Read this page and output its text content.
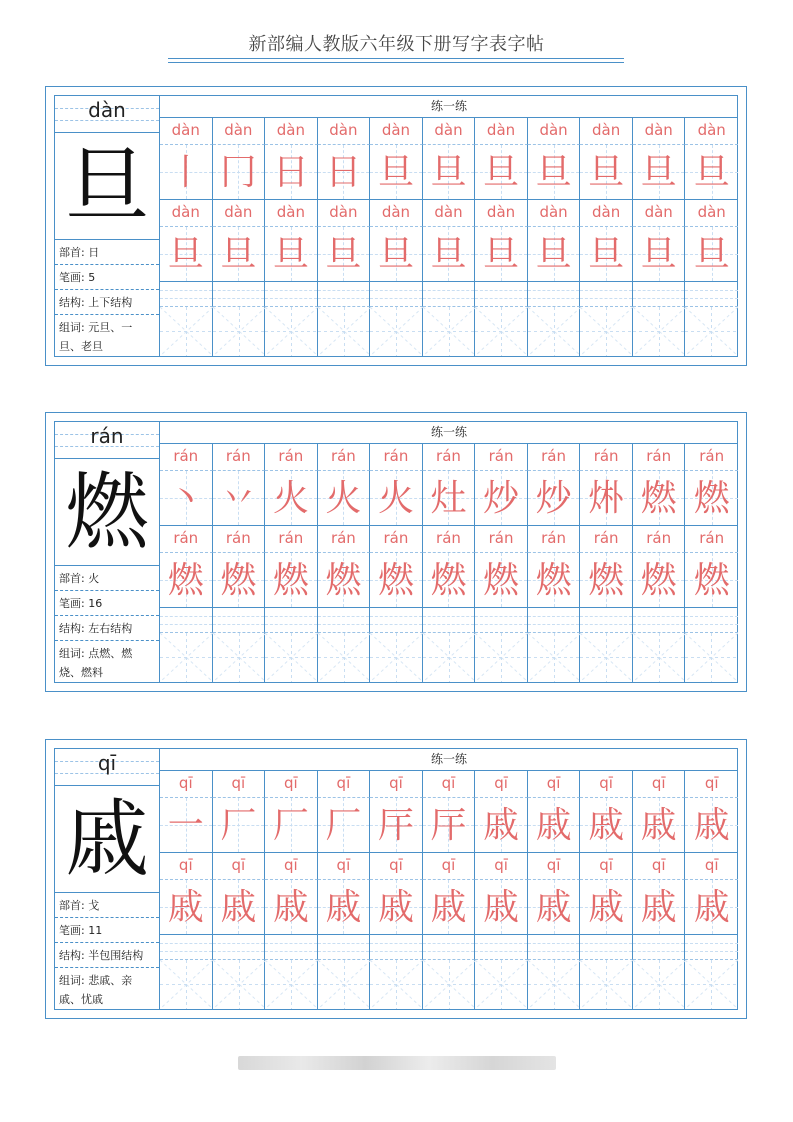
新部编人教版六年级下册写字表字帖
dàn
旦
部首: 日
笔画: 5
结构: 上下结构
组词: 元旦、一
旦、老旦
练一练
dàn
丨
dàn
冂
dàn
日
dàn
日
dàn
旦
dàn
旦
dàn
旦
dàn
旦
dàn
旦
dàn
旦
dàn
旦
dàn
旦
dàn
旦
dàn
旦
dàn
旦
dàn
旦
dàn
旦
dàn
旦
dàn
旦
dàn
旦
dàn
旦
dàn
旦
rán
燃
部首: 火
笔画: 16
结构: 左右结构
组词: 点燃、燃
烧、燃料
练一练
rán
丶
rán
丷
rán
火
rán
火
rán
火
rán
灶
rán
炒
rán
炒
rán
烞
rán
燃
rán
燃
rán
燃
rán
燃
rán
燃
rán
燃
rán
燃
rán
燃
rán
燃
rán
燃
rán
燃
rán
燃
rán
燃
qī
戚
部首: 戈
笔画: 11
结构: 半包围结构
组词: 悲戚、亲
戚、忧戚
练一练
qī
一
qī
厂
qī
厂
qī
厂
qī
厈
qī
厈
qī
戚
qī
戚
qī
戚
qī
戚
qī
戚
qī
戚
qī
戚
qī
戚
qī
戚
qī
戚
qī
戚
qī
戚
qī
戚
qī
戚
qī
戚
qī
戚
